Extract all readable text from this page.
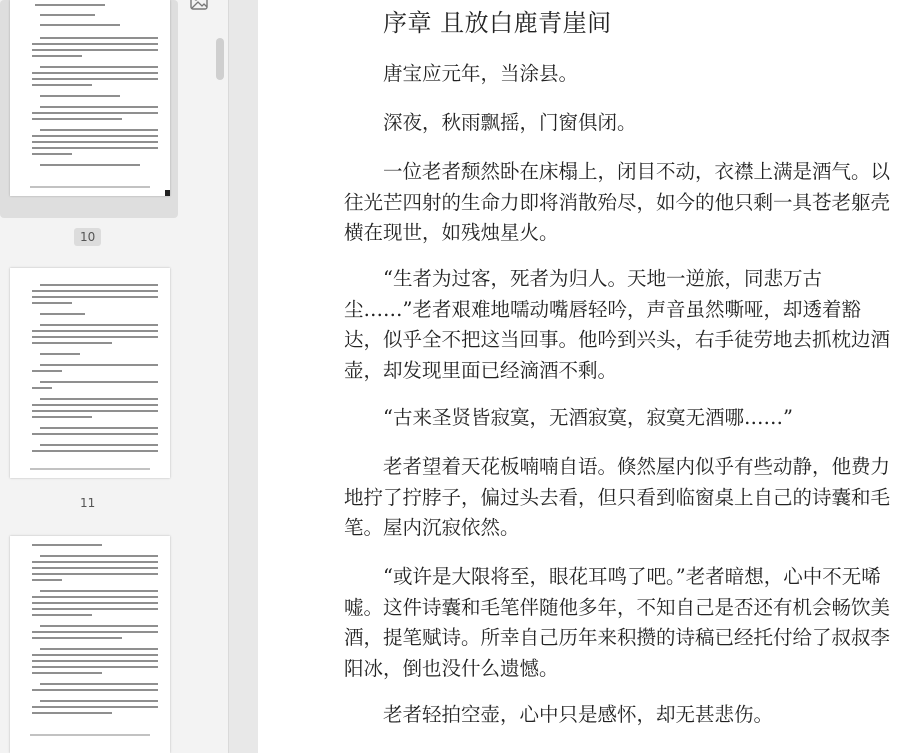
10
11
序章 且放白鹿青崖间
唐宝应元年，当涂县。
深夜，秋雨飘摇，门窗俱闭。
一位老者颓然卧在床榻上，闭目不动，衣襟上满是酒气。以
往光芒四射的生命力即将消散殆尽，如今的他只剩一具苍老躯壳
横在现世，如残烛星火。
“生者为过客，死者为归人。天地一逆旅，同悲万古
尘……”老者艰难地嚅动嘴唇轻吟，声音虽然嘶哑，却透着豁
达，似乎全不把这当回事。他吟到兴头，右手徒劳地去抓枕边酒
壶，却发现里面已经滴酒不剩。
“古来圣贤皆寂寞，无酒寂寞，寂寞无酒哪……”
老者望着天花板喃喃自语。倏然屋内似乎有些动静，他费力
地拧了拧脖子，偏过头去看，但只看到临窗桌上自己的诗囊和毛
笔。屋内沉寂依然。
“或许是大限将至，眼花耳鸣了吧。”老者暗想，心中不无唏
嘘。这件诗囊和毛笔伴随他多年，不知自己是否还有机会畅饮美
酒，提笔赋诗。所幸自己历年来积攒的诗稿已经托付给了叔叔李
阳冰，倒也没什么遗憾。
老者轻拍空壶，心中只是感怀，却无甚悲伤。
